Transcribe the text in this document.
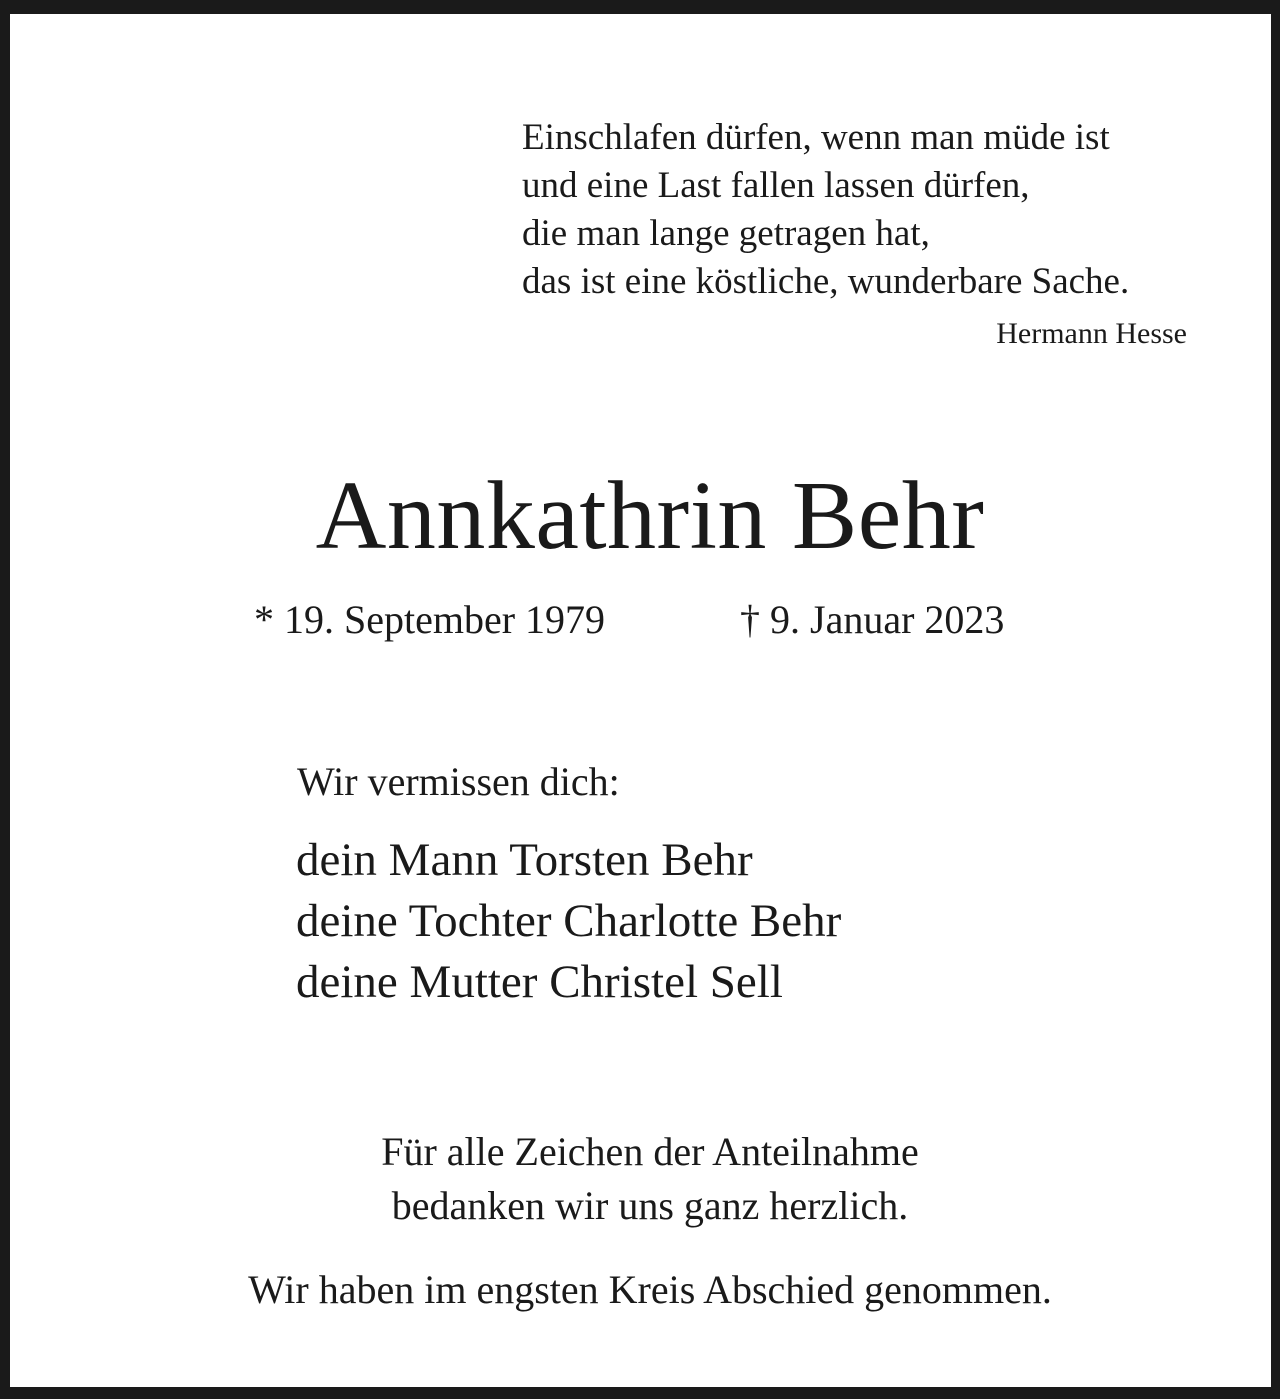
Einschlafen dürfen, wenn man müde ist
und eine Last fallen lassen dürfen,
die man lange getragen hat,
das ist eine köstliche, wunderbare Sache.
Hermann Hesse
Annkathrin Behr
* 19. September 1979	† 9. Januar 2023
Wir vermissen dich:
dein Mann Torsten Behr
deine Tochter Charlotte Behr
deine Mutter Christel Sell
Für alle Zeichen der Anteilnahme
bedanken wir uns ganz herzlich.
Wir haben im engsten Kreis Abschied genommen.
